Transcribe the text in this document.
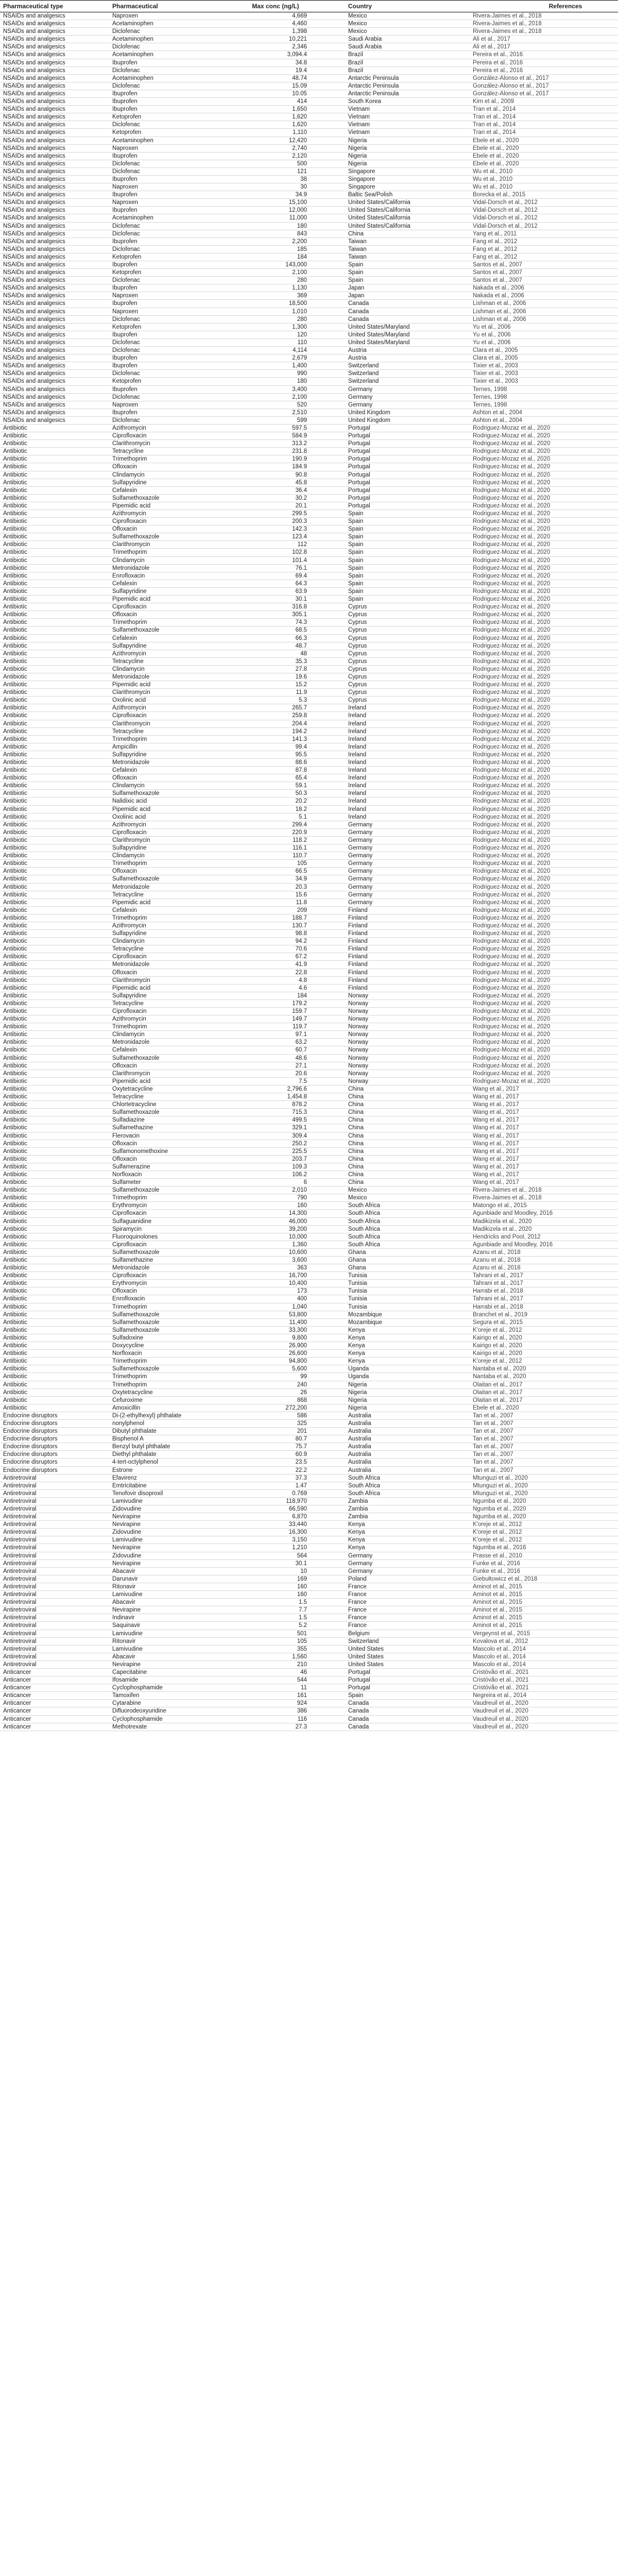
Pharmaceutical type	Pharmaceutical	Max conc (ng/L)	Country	References
NSAIDs and analgesics	Naproxen	4,669	Mexico	Rivera-Jaimes et al., 2018
NSAIDs and analgesics	Acetaminophen	4,460	Mexico	Rivera-Jaimes et al., 2018
NSAIDs and analgesics	Diclofenac	1,398	Mexico	Rivera-Jaimes et al., 2018
NSAIDs and analgesics	Acetaminophen	10,221	Saudi Arabia	Ali et al., 2017
NSAIDs and analgesics	Diclofenac	2,346	Saudi Arabia	Ali et al., 2017
NSAIDs and analgesics	Acetaminophen	3,094.4	Brazil	Pereira et al., 2016
NSAIDs and analgesics	Ibuprofen	34.8	Brazil	Pereira et al., 2016
NSAIDs and analgesics	Diclofenac	19.4	Brazil	Pereira et al., 2016
NSAIDs and analgesics	Acetaminophen	48.74	Antarctic Peninsula	González-Alonso et al., 2017
NSAIDs and analgesics	Diclofenac	15.09	Antarctic Peninsula	González-Alonso et al., 2017
NSAIDs and analgesics	Ibuprofen	10.05	Antarctic Peninsula	González-Alonso et al., 2017
NSAIDs and analgesics	Ibuprofen	414	South Korea	Kim et al., 2009
NSAIDs and analgesics	Ibuprofen	1,650	Vietnam	Tran et al., 2014
NSAIDs and analgesics	Ketoprofen	1,620	Vietnam	Tran et al., 2014
NSAIDs and analgesics	Diclofenac	1,620	Vietnam	Tran et al., 2014
NSAIDs and analgesics	Ketoprofen	1,110	Vietnam	Tran et al., 2014
NSAIDs and analgesics	Acetaminophen	12,420	Nigeria	Ebele et al., 2020
NSAIDs and analgesics	Naproxen	2,740	Nigeria	Ebele et al., 2020
NSAIDs and analgesics	Ibuprofen	2,120	Nigeria	Ebele et al., 2020
NSAIDs and analgesics	Diclofenac	500	Nigeria	Ebele et al., 2020
NSAIDs and analgesics	Diclofenac	121	Singapore	Wu et al., 2010
NSAIDs and analgesics	Ibuprofen	38	Singapore	Wu et al., 2010
NSAIDs and analgesics	Naproxen	30	Singapore	Wu et al., 2010
NSAIDs and analgesics	Ibuprofen	34.9	Baltic Sea/Polish	Borecka et al., 2015
NSAIDs and analgesics	Naproxen	15,100	United States/California	Vidal-Dorsch et al., 2012
NSAIDs and analgesics	Ibuprofen	12,000	United States/California	Vidal-Dorsch et al., 2012
NSAIDs and analgesics	Acetaminophen	11,000	United States/California	Vidal-Dorsch et al., 2012
NSAIDs and analgesics	Diclofenac	180	United States/California	Vidal-Dorsch et al., 2012
NSAIDs and analgesics	Diclofenac	843	China	Yang et al., 2011
NSAIDs and analgesics	Ibuprofen	2,200	Taiwan	Fang et al., 2012
NSAIDs and analgesics	Diclofenac	185	Taiwan	Fang et al., 2012
NSAIDs and analgesics	Ketoprofen	184	Taiwan	Fang et al., 2012
NSAIDs and analgesics	Ibuprofen	143,000	Spain	Santos et al., 2007
NSAIDs and analgesics	Ketoprofen	2,100	Spain	Santos et al., 2007
NSAIDs and analgesics	Diclofenac	280	Spain	Santos et al., 2007
NSAIDs and analgesics	Ibuprofen	1,130	Japan	Nakada et al., 2006
NSAIDs and analgesics	Naproxen	369	Japan	Nakada et al., 2006
NSAIDs and analgesics	Ibuprofen	18,500	Canada	Lishman et al., 2006
NSAIDs and analgesics	Naproxen	1,010	Canada	Lishman et al., 2006
NSAIDs and analgesics	Diclofenac	280	Canada	Lishman et al., 2006
NSAIDs and analgesics	Ketoprofen	1,300	United States/Maryland	Yu et al., 2006
NSAIDs and analgesics	Ibuprofen	120	United States/Maryland	Yu et al., 2006
NSAIDs and analgesics	Diclofenac	110	United States/Maryland	Yu et al., 2006
NSAIDs and analgesics	Diclofenac	4,114	Austria	Clara et al., 2005
NSAIDs and analgesics	Ibuprofen	2,679	Austria	Clara et al., 2005
NSAIDs and analgesics	Ibuprofen	1,400	Switzerland	Tixier et al., 2003
NSAIDs and analgesics	Diclofenac	990	Switzerland	Tixier et al., 2003
NSAIDs and analgesics	Ketoprofen	180	Switzerland	Tixier et al., 2003
NSAIDs and analgesics	Ibuprofen	3,400	Germany	Ternes, 1998
NSAIDs and analgesics	Diclofenac	2,100	Germany	Ternes, 1998
NSAIDs and analgesics	Naproxen	520	Germany	Ternes, 1998
NSAIDs and analgesics	Ibuprofen	2,510	United Kingdom	Ashton et al., 2004
NSAIDs and analgesics	Diclofenac	599	United Kingdom	Ashton et al., 2004
Antibiotic	Azithromycin	597.5	Portugal	Rodriguez-Mozaz et al., 2020
Antibiotic	Ciprofloxacin	584.9	Portugal	Rodriguez-Mozaz et al., 2020
Antibiotic	Clarithromycin	313.2	Portugal	Rodriguez-Mozaz et al., 2020
Antibiotic	Tetracycline	231.8	Portugal	Rodriguez-Mozaz et al., 2020
Antibiotic	Trimethoprim	190.9	Portugal	Rodriguez-Mozaz et al., 2020
Antibiotic	Ofloxacin	184.9	Portugal	Rodriguez-Mozaz et al., 2020
Antibiotic	Clindamycin	90.8	Portugal	Rodriguez-Mozaz et al., 2020
Antibiotic	Sulfapyridine	45.8	Portugal	Rodriguez-Mozaz et al., 2020
Antibiotic	Cefalexin	36.4	Portugal	Rodriguez-Mozaz et al., 2020
Antibiotic	Sulfamethoxazole	30.2	Portugal	Rodriguez-Mozaz et al., 2020
Antibiotic	Pipemidic acid	20.1	Portugal	Rodriguez-Mozaz et al., 2020
Antibiotic	Azithromycin	299.5	Spain	Rodriguez-Mozaz et al., 2020
Antibiotic	Ciprofloxacin	200.3	Spain	Rodriguez-Mozaz et al., 2020
Antibiotic	Ofloxacin	142.3	Spain	Rodriguez-Mozaz et al., 2020
Antibiotic	Sulfamethoxazole	123.4	Spain	Rodriguez-Mozaz et al., 2020
Antibiotic	Clarithromycin	112	Spain	Rodriguez-Mozaz et al., 2020
Antibiotic	Trimethoprim	102.8	Spain	Rodriguez-Mozaz et al., 2020
Antibiotic	Clindamycin	101.4	Spain	Rodriguez-Mozaz et al., 2020
Antibiotic	Metronidazole	76.1	Spain	Rodriguez-Mozaz et al., 2020
Antibiotic	Enrofloxacin	69.4	Spain	Rodriguez-Mozaz et al., 2020
Antibiotic	Cefalexin	64.3	Spain	Rodriguez-Mozaz et al., 2020
Antibiotic	Sulfapyridine	63.9	Spain	Rodriguez-Mozaz et al., 2020
Antibiotic	Pipemidic acid	30.1	Spain	Rodriguez-Mozaz et al., 2020
Antibiotic	Ciprofloxacin	316.8	Cyprus	Rodriguez-Mozaz et al., 2020
Antibiotic	Ofloxacin	305.1	Cyprus	Rodriguez-Mozaz et al., 2020
Antibiotic	Trimethoprim	74.3	Cyprus	Rodriguez-Mozaz et al., 2020
Antibiotic	Sulfamethoxazole	68.5	Cyprus	Rodriguez-Mozaz et al., 2020
Antibiotic	Cefalexin	66.3	Cyprus	Rodriguez-Mozaz et al., 2020
Antibiotic	Sulfapyridine	48.7	Cyprus	Rodriguez-Mozaz et al., 2020
Antibiotic	Azithromycin	48	Cyprus	Rodriguez-Mozaz et al., 2020
Antibiotic	Tetracycline	35.3	Cyprus	Rodriguez-Mozaz et al., 2020
Antibiotic	Clindamycin	27.8	Cyprus	Rodriguez-Mozaz et al., 2020
Antibiotic	Metronidazole	19.6	Cyprus	Rodriguez-Mozaz et al., 2020
Antibiotic	Pipemidic acid	15.2	Cyprus	Rodriguez-Mozaz et al., 2020
Antibiotic	Clarithromycin	11.9	Cyprus	Rodriguez-Mozaz et al., 2020
Antibiotic	Oxolinic acid	5.3	Cyprus	Rodriguez-Mozaz et al., 2020
Antibiotic	Azithromycin	265.7	Ireland	Rodriguez-Mozaz et al., 2020
Antibiotic	Ciprofloxacin	259.8	Ireland	Rodriguez-Mozaz et al., 2020
Antibiotic	Clarithromycin	204.4	Ireland	Rodriguez-Mozaz et al., 2020
Antibiotic	Tetracycline	194.2	Ireland	Rodriguez-Mozaz et al., 2020
Antibiotic	Trimethoprim	141.3	Ireland	Rodriguez-Mozaz et al., 2020
Antibiotic	Ampicillin	99.4	Ireland	Rodriguez-Mozaz et al., 2020
Antibiotic	Sulfapyridine	95.5	Ireland	Rodriguez-Mozaz et al., 2020
Antibiotic	Metronidazole	88.6	Ireland	Rodriguez-Mozaz et al., 2020
Antibiotic	Cefalexin	87.8	Ireland	Rodriguez-Mozaz et al., 2020
Antibiotic	Ofloxacin	65.4	Ireland	Rodriguez-Mozaz et al., 2020
Antibiotic	Clindamycin	59.1	Ireland	Rodriguez-Mozaz et al., 2020
Antibiotic	Sulfamethoxazole	50.3	Ireland	Rodriguez-Mozaz et al., 2020
Antibiotic	Nalidixic acid	20.2	Ireland	Rodriguez-Mozaz et al., 2020
Antibiotic	Pipemidic acid	18.2	Ireland	Rodriguez-Mozaz et al., 2020
Antibiotic	Oxolinic acid	5.1	Ireland	Rodriguez-Mozaz et al., 2020
Antibiotic	Azithromycin	299.4	Germany	Rodriguez-Mozaz et al., 2020
Antibiotic	Ciprofloxacin	220.9	Germany	Rodriguez-Mozaz et al., 2020
Antibiotic	Clarithromycin	118.2	Germany	Rodriguez-Mozaz et al., 2020
Antibiotic	Sulfapyridine	116.1	Germany	Rodriguez-Mozaz et al., 2020
Antibiotic	Clindamycin	110.7	Germany	Rodriguez-Mozaz et al., 2020
Antibiotic	Trimethoprim	105	Germany	Rodriguez-Mozaz et al., 2020
Antibiotic	Ofloxacin	66.5	Germany	Rodriguez-Mozaz et al., 2020
Antibiotic	Sulfamethoxazole	34.9	Germany	Rodriguez-Mozaz et al., 2020
Antibiotic	Metronidazole	20.3	Germany	Rodriguez-Mozaz et al., 2020
Antibiotic	Tetracycline	15.6	Germany	Rodriguez-Mozaz et al., 2020
Antibiotic	Pipemidic acid	11.8	Germany	Rodriguez-Mozaz et al., 2020
Antibiotic	Cefalexin	209	Finland	Rodriguez-Mozaz et al., 2020
Antibiotic	Trimethoprim	188.7	Finland	Rodriguez-Mozaz et al., 2020
Antibiotic	Azithromycin	130.7	Finland	Rodriguez-Mozaz et al., 2020
Antibiotic	Sulfapyridine	98.8	Finland	Rodriguez-Mozaz et al., 2020
Antibiotic	Clindamycin	94.2	Finland	Rodriguez-Mozaz et al., 2020
Antibiotic	Tetracycline	70.6	Finland	Rodriguez-Mozaz et al., 2020
Antibiotic	Ciprofloxacin	67.2	Finland	Rodriguez-Mozaz et al., 2020
Antibiotic	Metronidazole	41.9	Finland	Rodriguez-Mozaz et al., 2020
Antibiotic	Ofloxacin	22.8	Finland	Rodriguez-Mozaz et al., 2020
Antibiotic	Clarithromycin	4.8	Finland	Rodriguez-Mozaz et al., 2020
Antibiotic	Pipemidic acid	4.6	Finland	Rodriguez-Mozaz et al., 2020
Antibiotic	Sulfapyridine	184	Norway	Rodriguez-Mozaz et al., 2020
Antibiotic	Tetracycline	179.2	Norway	Rodriguez-Mozaz et al., 2020
Antibiotic	Ciprofloxacin	159.7	Norway	Rodriguez-Mozaz et al., 2020
Antibiotic	Azithromycin	149.7	Norway	Rodriguez-Mozaz et al., 2020
Antibiotic	Trimethoprim	119.7	Norway	Rodriguez-Mozaz et al., 2020
Antibiotic	Clindamycin	97.1	Norway	Rodriguez-Mozaz et al., 2020
Antibiotic	Metronidazole	63.2	Norway	Rodriguez-Mozaz et al., 2020
Antibiotic	Cefalexin	60.7	Norway	Rodriguez-Mozaz et al., 2020
Antibiotic	Sulfamethoxazole	48.6	Norway	Rodriguez-Mozaz et al., 2020
Antibiotic	Ofloxacin	27.1	Norway	Rodriguez-Mozaz et al., 2020
Antibiotic	Clarithromycin	20.6	Norway	Rodriguez-Mozaz et al., 2020
Antibiotic	Pipemidic acid	7.5	Norway	Rodriguez-Mozaz et al., 2020
Antibiotic	Oxytetracycline	2,796.6	China	Wang et al., 2017
Antibiotic	Tetracycline	1,454.8	China	Wang et al., 2017
Antibiotic	Chlortetracycline	878.2	China	Wang et al., 2017
Antibiotic	Sulfamethoxazole	715.3	China	Wang et al., 2017
Antibiotic	Sulfadiazine	499.5	China	Wang et al., 2017
Antibiotic	Sulfamethazine	329.1	China	Wang et al., 2017
Antibiotic	Flerovacin	309.4	China	Wang et al., 2017
Antibiotic	Ofloxacin	250.2	China	Wang et al., 2017
Antibiotic	Sulfamonomethoxine	225.5	China	Wang et al., 2017
Antibiotic	Ofloxacin	203.7	China	Wang et al., 2017
Antibiotic	Sulfamerazine	109.3	China	Wang et al., 2017
Antibiotic	Norfloxacin	106.2	China	Wang et al., 2017
Antibiotic	Sulfameter	6	China	Wang et al., 2017
Antibiotic	Sulfamethoxazole	2,010	Mexico	Rivera-Jaimes et al., 2018
Antibiotic	Trimethoprim	790	Mexico	Rivera-Jaimes et al., 2018
Antibiotic	Erythromycin	160	South Africa	Matongo et al., 2015
Antibiotic	Ciprofloxacin	14,300	South Africa	Agunbiade and Moodley, 2016
Antibiotic	Sulfaguanidine	46,000	South Africa	Madikizela et al., 2020
Antibiotic	Spiramycin	39,200	South Africa	Madikizela et al., 2020
Antibiotic	Fluoroquinolones	10,000	South Africa	Hendricks and Pool, 2012
Antibiotic	Ciprofloxacin	1,360	South Africa	Agunbiade and Moodley, 2016
Antibiotic	Sulfamethoxazole	10,600	Ghana	Azanu et al., 2018
Antibiotic	Sulfamethazine	3,600	Ghana	Azanu et al., 2018
Antibiotic	Metronidazole	363	Ghana	Azanu et al., 2018
Antibiotic	Ciprofloxacin	16,700	Tunisia	Tahrani et al., 2017
Antibiotic	Erythromycin	10,400	Tunisia	Tahrani et al., 2017
Antibiotic	Ofloxacin	173	Tunisia	Harrabi et al., 2018
Antibiotic	Enrofloxacin	400	Tunisia	Tahrani et al., 2017
Antibiotic	Trimethoprim	1,040	Tunisia	Harrabi et al., 2018
Antibiotic	Sulfamethoxazole	53,800	Mozambique	Branchet et al., 2019
Antibiotic	Sulfamethoxazole	11,400	Mozambique	Segura et al., 2015
Antibiotic	Sulfamethoxazole	33,300	Kenya	K'oreje et al., 2012
Antibiotic	Sulfadoxine	9,800	Kenya	Kairigo et al., 2020
Antibiotic	Doxycycline	26,900	Kenya	Kairigo et al., 2020
Antibiotic	Norfloxacin	26,600	Kenya	Kairigo et al., 2020
Antibiotic	Trimethoprim	94,800	Kenya	K'oreje et al., 2012
Antibiotic	Sulfamethoxazole	5,600	Uganda	Nantaba et al., 2020
Antibiotic	Trimethoprim	99	Uganda	Nantaba et al., 2020
Antibiotic	Trimethoprim	240	Nigeria	Olaitan et al., 2017
Antibiotic	Oxytetracycline	26	Nigeria	Olaitan et al., 2017
Antibiotic	Cefuroxime	868	Nigeria	Olaitan et al., 2017
Antibiotic	Amoxicillin	272,200	Nigeria	Ebele et al., 2020
Endocrine disruptors	Di-(2-ethylhexyl) phthalate	586	Australia	Tan et al., 2007
Endocrine disruptors	nonylphenol	325	Australia	Tan et al., 2007
Endocrine disruptors	Dibutyl phthalate	201	Australia	Tan et al., 2007
Endocrine disruptors	Bisphenol A	80.7	Australia	Tan et al., 2007
Endocrine disruptors	Benzyl butyl phthalate	75.7	Australia	Tan et al., 2007
Endocrine disruptors	Diethyl phthalate	60.9	Australia	Tan et al., 2007
Endocrine disruptors	4-tert-octylphenol	23.5	Australia	Tan et al., 2007
Endocrine disruptors	Estrone	22.2	Australia	Tan et al., 2007
Antiretroviral	Efavirenz	37.3	South Africa	Mtunguzi et al., 2020
Antiretroviral	Emtricitabine	1.47	South Africa	Mtunguzi et al., 2020
Antiretroviral	Tenofovir disoproxil	0.769	South Africa	Mtunguzi et al., 2020
Antiretroviral	Lamivudine	118,970	Zambia	Ngumba et al., 2020
Antiretroviral	Zidovudine	66,590	Zambia	Ngumba et al., 2020
Antiretroviral	Nevirapine	6,870	Zambia	Ngumba et al., 2020
Antiretroviral	Nevirapine	33,440	Kenya	K'oreje et al., 2012
Antiretroviral	Zidovudine	16,300	Kenya	K'oreje et al., 2012
Antiretroviral	Lamivudine	3,150	Kenya	K'oreje et al., 2012
Antiretroviral	Nevirapine	1,210	Kenya	Ngumba et al., 2016
Antiretroviral	Zidovudine	564	Germany	Prasse et al., 2010
Antiretroviral	Nevirapine	30.1	Germany	Funke et al., 2016
Antiretroviral	Abacavir	10	Germany	Funke et al., 2016
Antiretroviral	Darunavir	169	Poland	Giebułtowicz et al., 2018
Antiretroviral	Ritonavir	160	France	Aminot et al., 2015
Antiretroviral	Lamivudine	160	France	Aminot et al., 2015
Antiretroviral	Abacavir	1.5	France	Aminot et al., 2015
Antiretroviral	Nevirapine	7.7	France	Aminot et al., 2015
Antiretroviral	Indinavir	1.5	France	Aminot et al., 2015
Antiretroviral	Saquinavir	5.2	France	Aminot et al., 2015
Antiretroviral	Lamivudine	501	Belgium	Vergeynst et al., 2015
Antiretroviral	Ritonavir	105	Switzerland	Kovalova et al., 2012
Antiretroviral	Lamivudine	355	United States	Mascolo et al., 2014
Antiretroviral	Abacavir	1,560	United States	Mascolo et al., 2014
Antiretroviral	Nevirapine	210	United States	Mascolo et al., 2014
Anticancer	Capecitabine	46	Portugal	Cristóvão et al., 2021
Anticancer	Ifosamide	544	Portugal	Cristóvão et al., 2021
Anticancer	Cyclophosphamide	11	Portugal	Cristóvão et al., 2021
Anticancer	Tamoxifen	161	Spain	Negreira et al., 2014
Anticancer	Cytarabine	924	Canada	Vaudreuil et al., 2020
Anticancer	Difluorodeoxyuridine	386	Canada	Vaudreuil et al., 2020
Anticancer	Cyclophosphamide	116	Canada	Vaudreuil et al., 2020
Anticancer	Methotrexate	27.3	Canada	Vaudreuil et al., 2020
